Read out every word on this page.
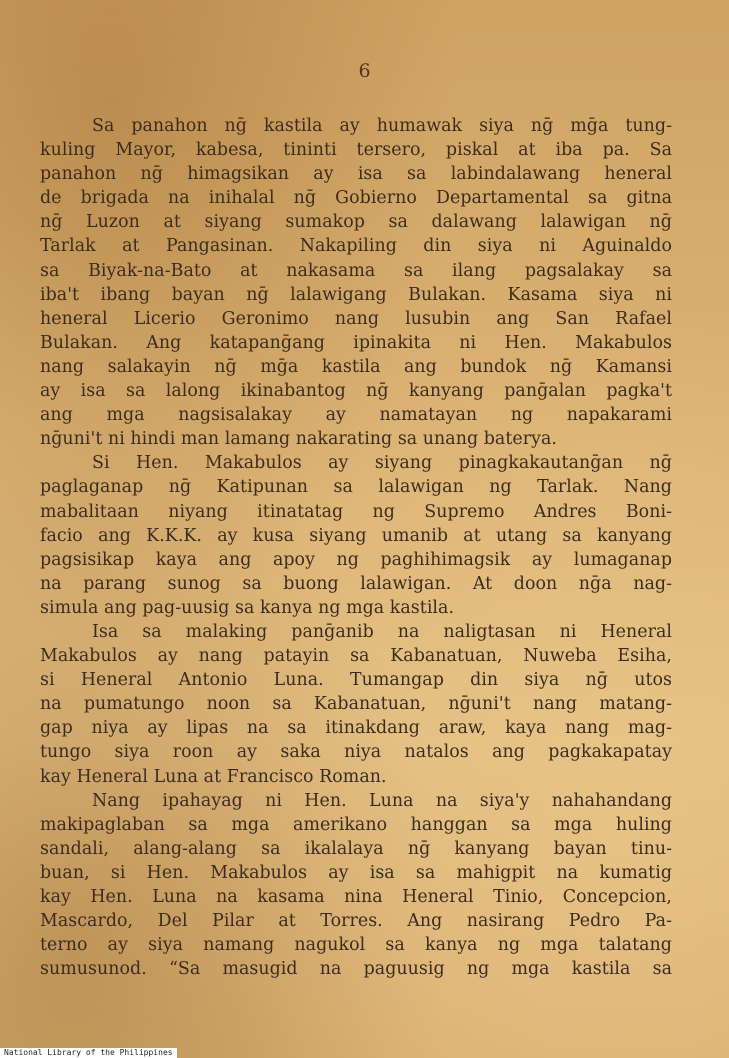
6
Sa panahon nḡ kastila ay humawak siya nḡ mḡa tung-
kuling Mayor, kabesa, tininti tersero, piskal at iba pa. Sa
panahon nḡ himagsikan ay isa sa labindalawang heneral
de brigada na inihalal nḡ Gobierno Departamental sa gitna
nḡ Luzon at siyang sumakop sa dalawang lalawigan nḡ
Tarlak at Pangasinan. Nakapiling din siya ni Aguinaldo
sa Biyak-na-Bato at nakasama sa ilang pagsalakay sa
iba't ibang bayan nḡ lalawigang Bulakan. Kasama siya ni
heneral Licerio Geronimo nang lusubin ang San Rafael
Bulakan. Ang katapanḡang ipinakita ni Hen. Makabulos
nang salakayin nḡ mḡa kastila ang bundok nḡ Kamansi
ay isa sa lalong ikinabantog nḡ kanyang panḡalan pagka't
ang mga nagsisalakay ay namatayan ng napakarami
nḡuni't ni hindi man lamang nakarating sa unang baterya.
Si Hen. Makabulos ay siyang pinagkakautanḡan nḡ
paglaganap nḡ Katipunan sa lalawigan ng Tarlak. Nang
mabalitaan niyang itinatatag ng Supremo Andres Boni-
facio ang K.K.K. ay kusa siyang umanib at utang sa kanyang
pagsisikap kaya ang apoy ng paghihimagsik ay lumaganap
na parang sunog sa buong lalawigan. At doon nḡa nag-
simula ang pag-uusig sa kanya ng mga kastila.
Isa sa malaking panḡanib na naligtasan ni Heneral
Makabulos ay nang patayin sa Kabanatuan, Nuweba Esiha,
si Heneral Antonio Luna. Tumangap din siya nḡ utos
na pumatungo noon sa Kabanatuan, nḡuni't nang matang-
gap niya ay lipas na sa itinakdang araw, kaya nang mag-
tungo siya roon ay saka niya natalos ang pagkakapatay
kay Heneral Luna at Francisco Roman.
Nang ipahayag ni Hen. Luna na siya'y nahahandang
makipaglaban sa mga amerikano hanggan sa mga huling
sandali, alang-alang sa ikalalaya nḡ kanyang bayan tinu-
buan, si Hen. Makabulos ay isa sa mahigpit na kumatig
kay Hen. Luna na kasama nina Heneral Tinio, Concepcion,
Mascardo, Del Pilar at Torres. Ang nasirang Pedro Pa-
terno ay siya namang nagukol sa kanya ng mga talatang
sumusunod. “Sa masugid na paguusig ng mga kastila sa
National Library of the Philippines
